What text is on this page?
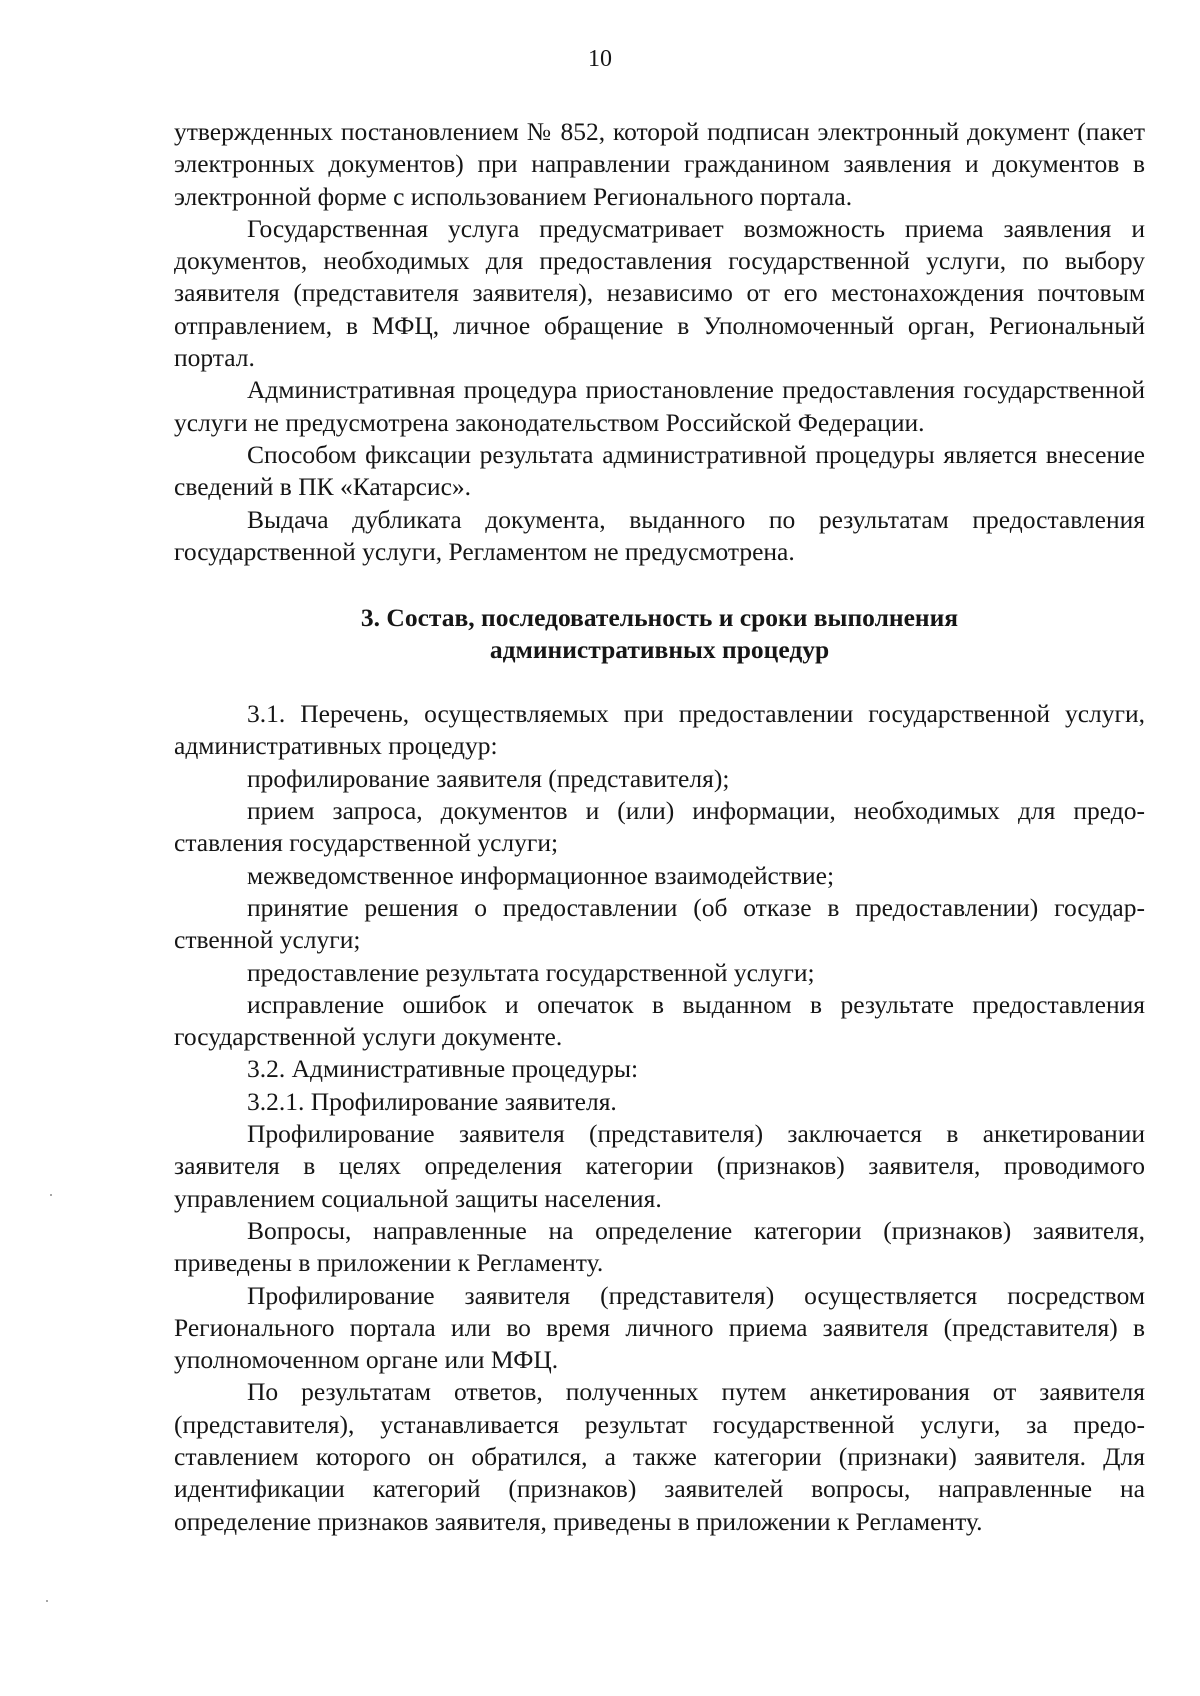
10

утвержденных постановлением № 852, которой подписан электронный документ (пакет электронных документов) при направлении гражданином заявления и документов в электронной форме с использованием Регионального портала.

Государственная услуга предусматривает возможность приема заявления и документов, необходимых для предоставления государственной услуги, по выбору заявителя (представителя заявителя), независимо от его местонахождения почтовым отправлением, в МФЦ, личное обращение в Уполномоченный орган, Региональный портал.

Административная процедура приостановление предоставления государственной услуги не предусмотрена законодательством Российской Федерации.

Способом фиксации результата административной процедуры является внесение сведений в ПК «Катарсис».

Выдача дубликата документа, выданного по результатам предоставления государственной услуги, Регламентом не предусмотрена.

3. Состав, последовательность и сроки выполнения
административных процедур

3.1. Перечень, осуществляемых при предоставлении государственной услуги, административных процедур:

профилирование заявителя (представителя);

прием запроса, документов и (или) информации, необходимых для предоставления государственной услуги;

межведомственное информационное взаимодействие;

принятие решения о предоставлении (об отказе в предоставлении) государственной услуги;

предоставление результата государственной услуги;

исправление ошибок и опечаток в выданном в результате предоставления государственной услуги документе.

3.2. Административные процедуры:

3.2.1. Профилирование заявителя.

Профилирование заявителя (представителя) заключается в анкетировании заявителя в целях определения категории (признаков) заявителя, проводимого управлением социальной защиты населения.

Вопросы, направленные на определение категории (признаков) заявителя, приведены в приложении к Регламенту.

Профилирование заявителя (представителя) осуществляется посредством Регионального портала или во время личного приема заявителя (представителя) в уполномоченном органе или МФЦ.

По результатам ответов, полученных путем анкетирования от заявителя (представителя), устанавливается результат государственной услуги, за предоставлением которого он обратился, а также категории (признаки) заявителя. Для идентификации категорий (признаков) заявителей вопросы, направленные на определение признаков заявителя, приведены в приложении к Регламенту.
